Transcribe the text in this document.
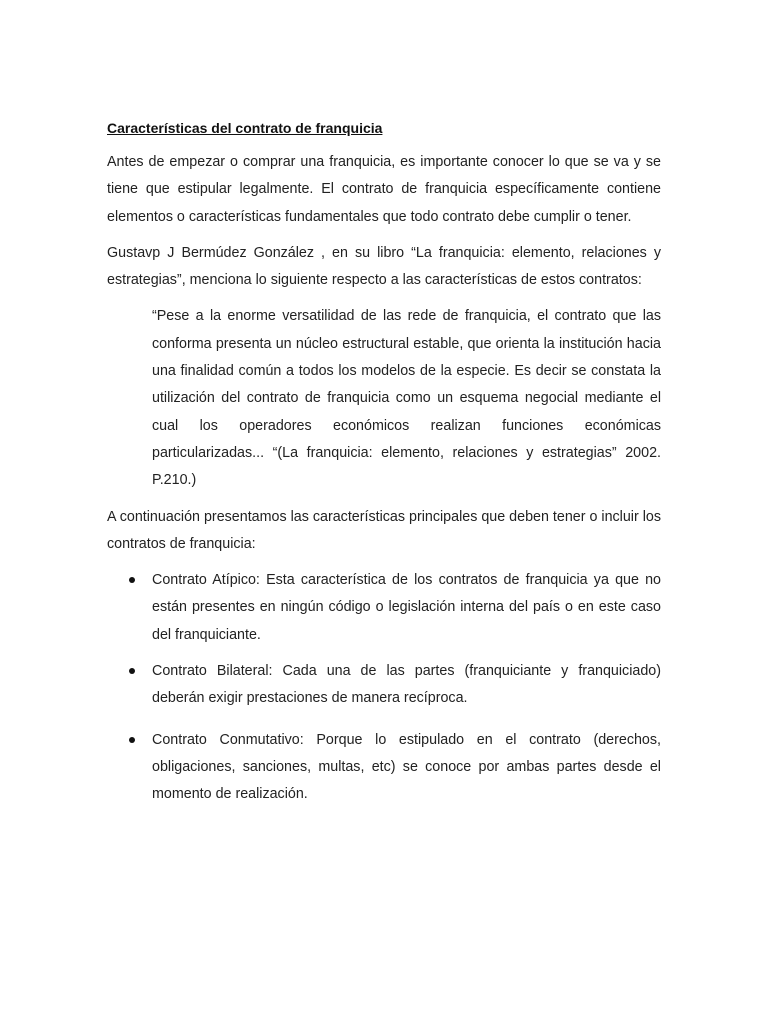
Características del contrato de franquicia

Antes de empezar o comprar una franquicia, es importante conocer lo que se va y se tiene que estipular legalmente. El contrato de franquicia específicamente contiene elementos o características fundamentales que todo contrato debe cumplir o tener.

Gustavp J Bermúdez González , en su libro “La franquicia: elemento, relaciones y estrategias”, menciona lo siguiente respecto a las características de estos contratos:

“Pese a la enorme versatilidad de las rede de franquicia, el contrato que las conforma presenta un núcleo estructural estable, que orienta la institución hacia una finalidad común a todos los modelos de la especie. Es decir se constata la utilización del contrato de franquicia como un esquema negocial mediante el cual los operadores económicos realizan funciones económicas particularizadas... “(La franquicia: elemento, relaciones y estrategias” 2002. P.210.)

A continuación presentamos las características principales que deben tener o incluir los contratos de franquicia:

Contrato Atípico: Esta característica de los contratos de franquicia ya que no están presentes en ningún código o legislación interna del país o en este caso del franquiciante.
Contrato Bilateral: Cada una de las partes (franquiciante y franquiciado) deberán exigir prestaciones de manera recíproca.
Contrato Conmutativo: Porque lo estipulado en el contrato (derechos, obligaciones, sanciones, multas, etc) se conoce por ambas partes desde el momento de realización.
